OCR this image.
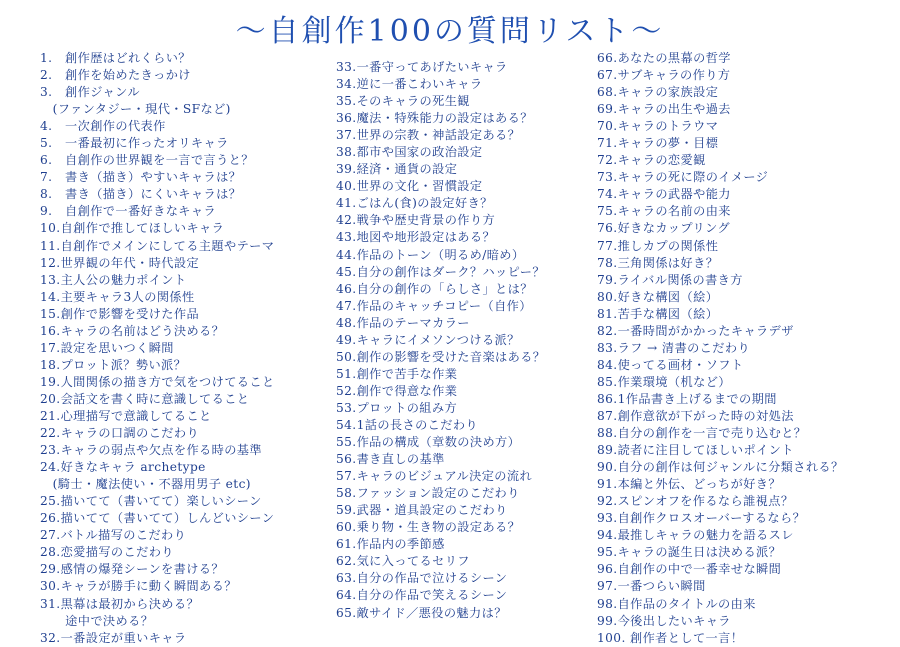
～自創作100の質問リスト～
1.　創作歴はどれくらい？
2.　創作を始めたきっかけ
3.　創作ジャンル
　(ファンタジー・現代・SFなど)
4.　一次創作の代表作
5.　一番最初に作ったオリキャラ
6.　自創作の世界観を一言で言うと？
7.　書き（描き）やすいキャラは？
8.　書き（描き）にくいキャラは？
9.　自創作で一番好きなキャラ
10.自創作で推してほしいキャラ
11.自創作でメインにしてる主題やテーマ
12.世界観の年代・時代設定
13.主人公の魅力ポイント
14.主要キャラ3人の関係性
15.創作で影響を受けた作品
16.キャラの名前はどう決める？
17.設定を思いつく瞬間
18.プロット派？勢い派？
19.人間関係の描き方で気をつけてること
20.会話文を書く時に意識してること
21.心理描写で意識してること
22.キャラの口調のこだわり
23.キャラの弱点や欠点を作る時の基準
24.好きなキャラ archetype
　(騎士・魔法使い・不器用男子 etc)
25.描いてて（書いてて）楽しいシーン
26.描いてて（書いてて）しんどいシーン
27.バトル描写のこだわり
28.恋愛描写のこだわり
29.感情の爆発シーンを書ける？
30.キャラが勝手に動く瞬間ある？
31.黒幕は最初から決める？
　　途中で決める？
32.一番設定が重いキャラ
33.一番守ってあげたいキャラ
34.逆に一番こわいキャラ
35.そのキャラの死生観
36.魔法・特殊能力の設定はある？
37.世界の宗教・神話設定ある？
38.都市や国家の政治設定
39.経済・通貨の設定
40.世界の文化・習慣設定
41.ごはん(食)の設定好き？
42.戦争や歴史背景の作り方
43.地図や地形設定はある？
44.作品のトーン（明るめ/暗め）
45.自分の創作はダーク？ハッピー？
46.自分の創作の「らしさ」とは？
47.作品のキャッチコピー（自作）
48.作品のテーマカラー
49.キャラにイメソンつける派？
50.創作の影響を受けた音楽はある？
51.創作で苦手な作業
52.創作で得意な作業
53.プロットの組み方
54.1話の長さのこだわり
55.作品の構成（章数の決め方）
56.書き直しの基準
57.キャラのビジュアル決定の流れ
58.ファッション設定のこだわり
59.武器・道具設定のこだわり
60.乗り物・生き物の設定ある？
61.作品内の季節感
62.気に入ってるセリフ
63.自分の作品で泣けるシーン
64.自分の作品で笑えるシーン
65.敵サイド／悪役の魅力は？
66.あなたの黒幕の哲学
67.サブキャラの作り方
68.キャラの家族設定
69.キャラの出生や過去
70.キャラのトラウマ
71.キャラの夢・目標
72.キャラの恋愛観
73.キャラの死に際のイメージ
74.キャラの武器や能力
75.キャラの名前の由来
76.好きなカップリング
77.推しカプの関係性
78.三角関係は好き？
79.ライバル関係の書き方
80.好きな構図（絵）
81.苦手な構図（絵）
82.一番時間がかかったキャラデザ
83.ラフ → 清書のこだわり
84.使ってる画材・ソフト
85.作業環境（机など）
86.1作品書き上げるまでの期間
87.創作意欲が下がった時の対処法
88.自分の創作を一言で売り込むと？
89.読者に注目してほしいポイント
90.自分の創作は何ジャンルに分類される？
91.本編と外伝、どっちが好き？
92.スピンオフを作るなら誰視点？
93.自創作クロスオーバーするなら？
94.最推しキャラの魅力を語るスレ
95.キャラの誕生日は決める派？
96.自創作の中で一番幸せな瞬間
97.一番つらい瞬間
98.自作品のタイトルの由来
99.今後出したいキャラ
100. 創作者として一言！
